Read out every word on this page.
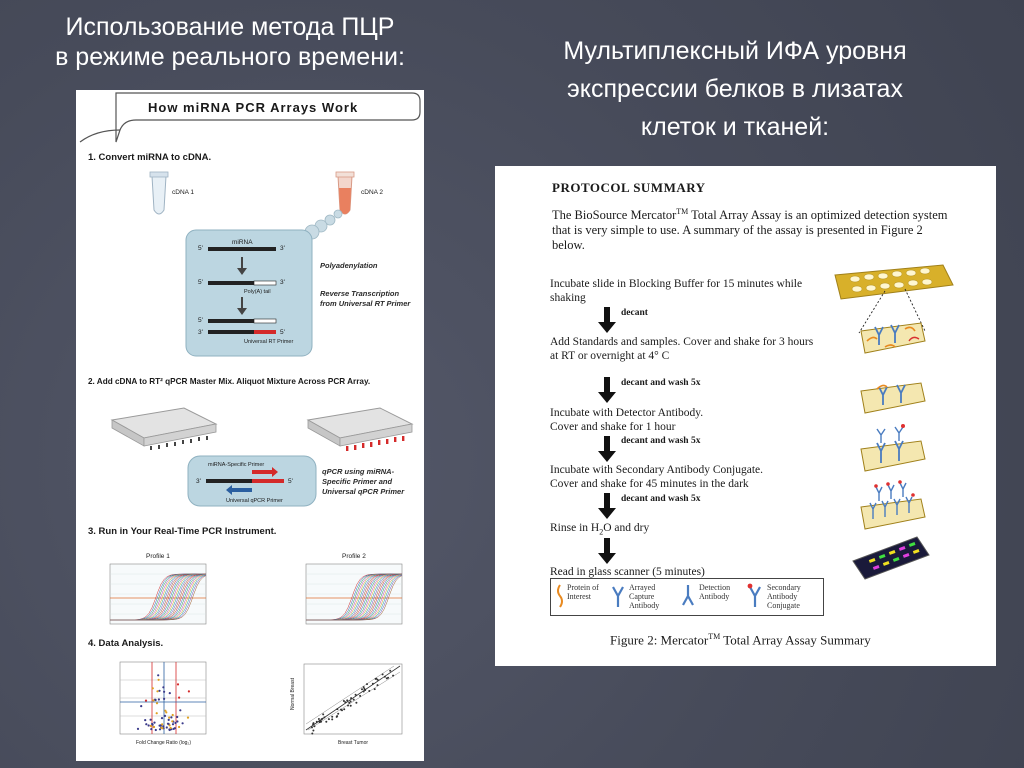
Использование метода ПЦР
в режиме реального времени:	Мультиплексный ИФА уровня
экспрессии белков в лизатах
клеток и тканей:
How miRNA PCR Arrays Work
1. Convert miRNA to cDNA.
cDNA 1	cDNA 2
5'
miRNA
3'
5'	3'
Poly(A) tail
5'
3'	5'
Universal RT Primer
Polyadenylation
Reverse Transcription
from Universal RT Primer
2. Add cDNA to RT² qPCR Master Mix. Aliquot Mixture Across PCR Array.
miRNA-Specific Primer
3'	5'
Universal qPCR Primer
qPCR using miRNA-
Specific Primer and
Universal qPCR Primer
3. Run in Your Real-Time PCR Instrument.
Profile 1	Profile 2
4. Data Analysis.
Fold Change Ratio (log₂)
Normal Breast
Breast Tumor

PROTOCOL SUMMARY

The BioSource Mercator™ Total Array Assay is an optimized detection system that is very simple to use. A summary of the assay is presented in Figure 2 below.

Incubate slide in Blocking Buffer for 15 minutes while shaking

decant

Add Standards and samples. Cover and shake for 3 hours at RT or overnight at 4° C

decant and wash 5x

Incubate with Detector Antibody.
Cover and shake for 1 hour

decant and wash 5x

Incubate with Secondary Antibody Conjugate.
Cover and shake for 45 minutes in the dark

decant and wash 5x

Rinse in $H_2O$ and dry

Read in glass scanner (5 minutes)

Protein of
Interest
Arrayed
Capture
Antibody
Detection
Antibody
Secondary
Antibody
Conjugate

Figure 2: Mercator™ Total Array Assay Summary
